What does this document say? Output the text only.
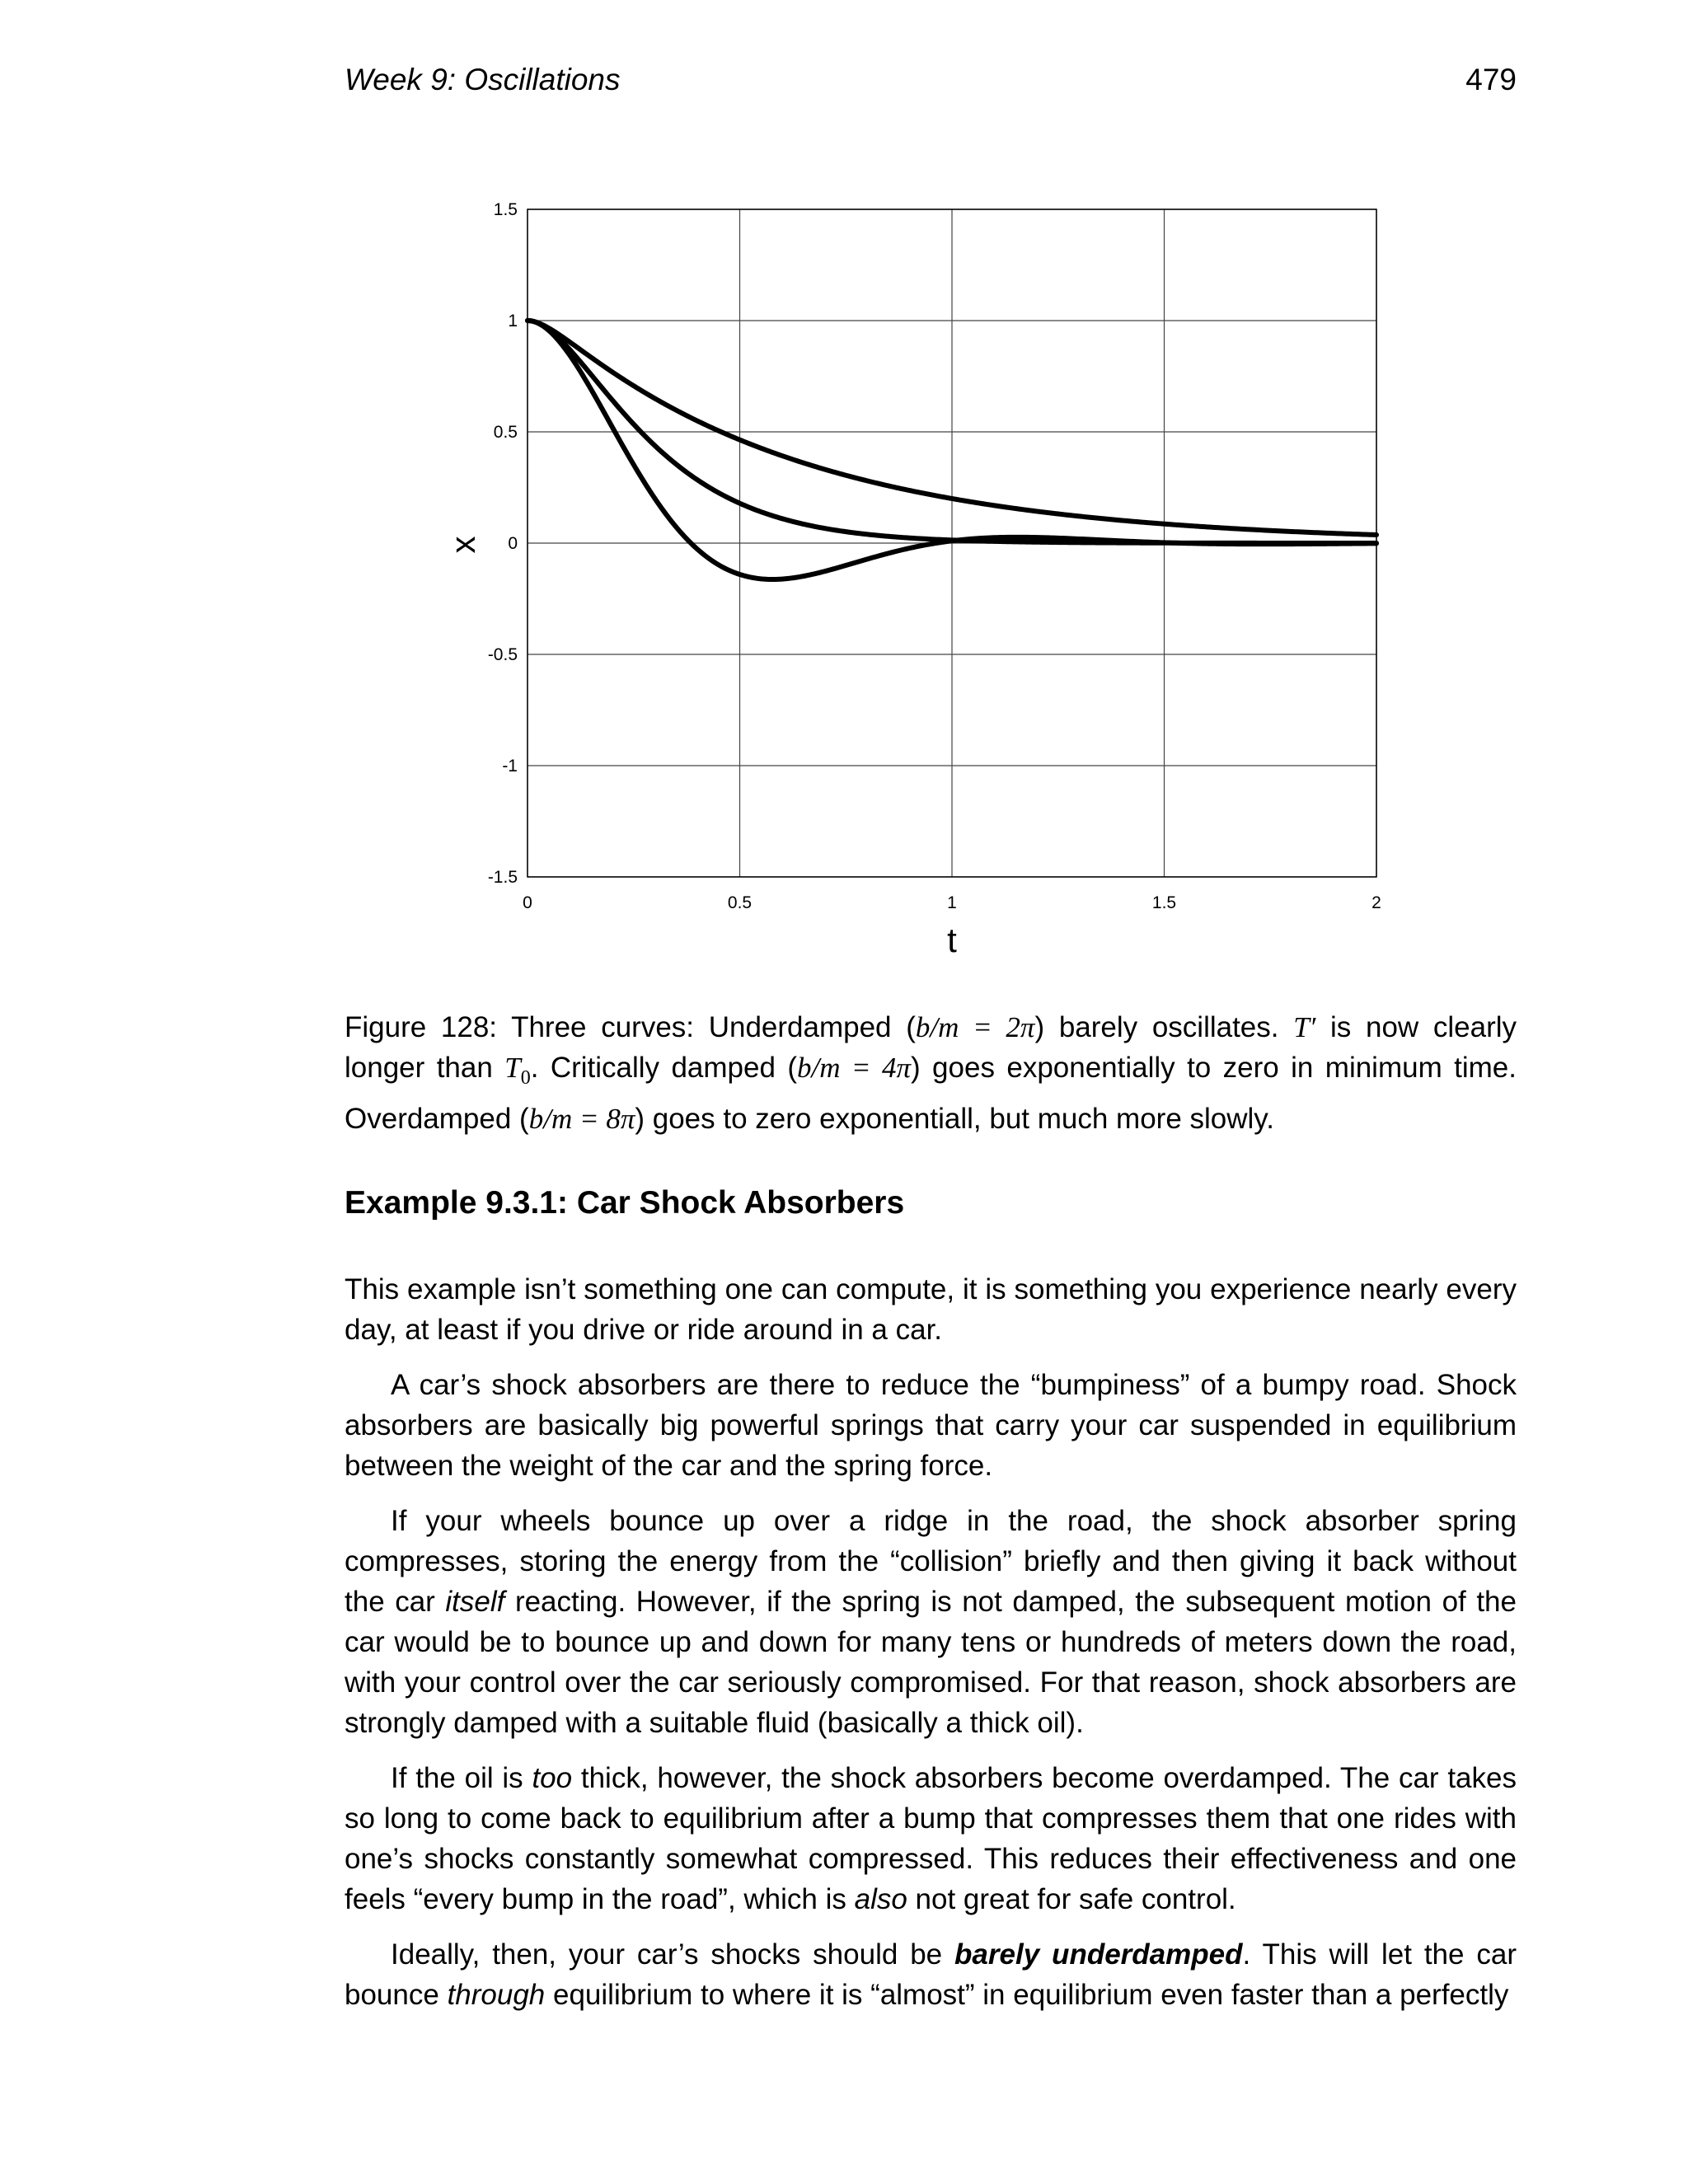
Week 9: Oscillations	479
0	0.5	1	1.5	2
-1.5
-1
-0.5
0
0.5
1
1.5
t
x
Figure 128: Three curves: Underdamped (b/m = 2π) barely oscillates. T′ is now clearly longer than $T_0$. Critically damped (b/m = 4π) goes exponentially to zero in minimum time. Overdamped (b/m = 8π) goes to zero exponentiall, but much more slowly.
Example 9.3.1: Car Shock Absorbers

This example isn’t something one can compute, it is something you experience nearly every day, at least if you drive or ride around in a car.

A car’s shock absorbers are there to reduce the “bumpiness” of a bumpy road. Shock absorbers are basically big powerful springs that carry your car suspended in equilibrium between the weight of the car and the spring force.

If your wheels bounce up over a ridge in the road, the shock absorber spring compresses, storing the energy from the “collision” briefly and then giving it back without the car itself reacting. However, if the spring is not damped, the subsequent motion of the car would be to bounce up and down for many tens or hundreds of meters down the road, with your control over the car seriously compromised. For that reason, shock absorbers are strongly damped with a suitable fluid (basically a thick oil).

If the oil is too thick, however, the shock absorbers become overdamped. The car takes so long to come back to equilibrium after a bump that compresses them that one rides with one’s shocks constantly somewhat compressed. This reduces their effectiveness and one feels “every bump in the road”, which is also not great for safe control.

Ideally, then, your car’s shocks should be barely underdamped. This will let the car bounce through equilibrium to where it is “almost” in equilibrium even faster than a perfectly
